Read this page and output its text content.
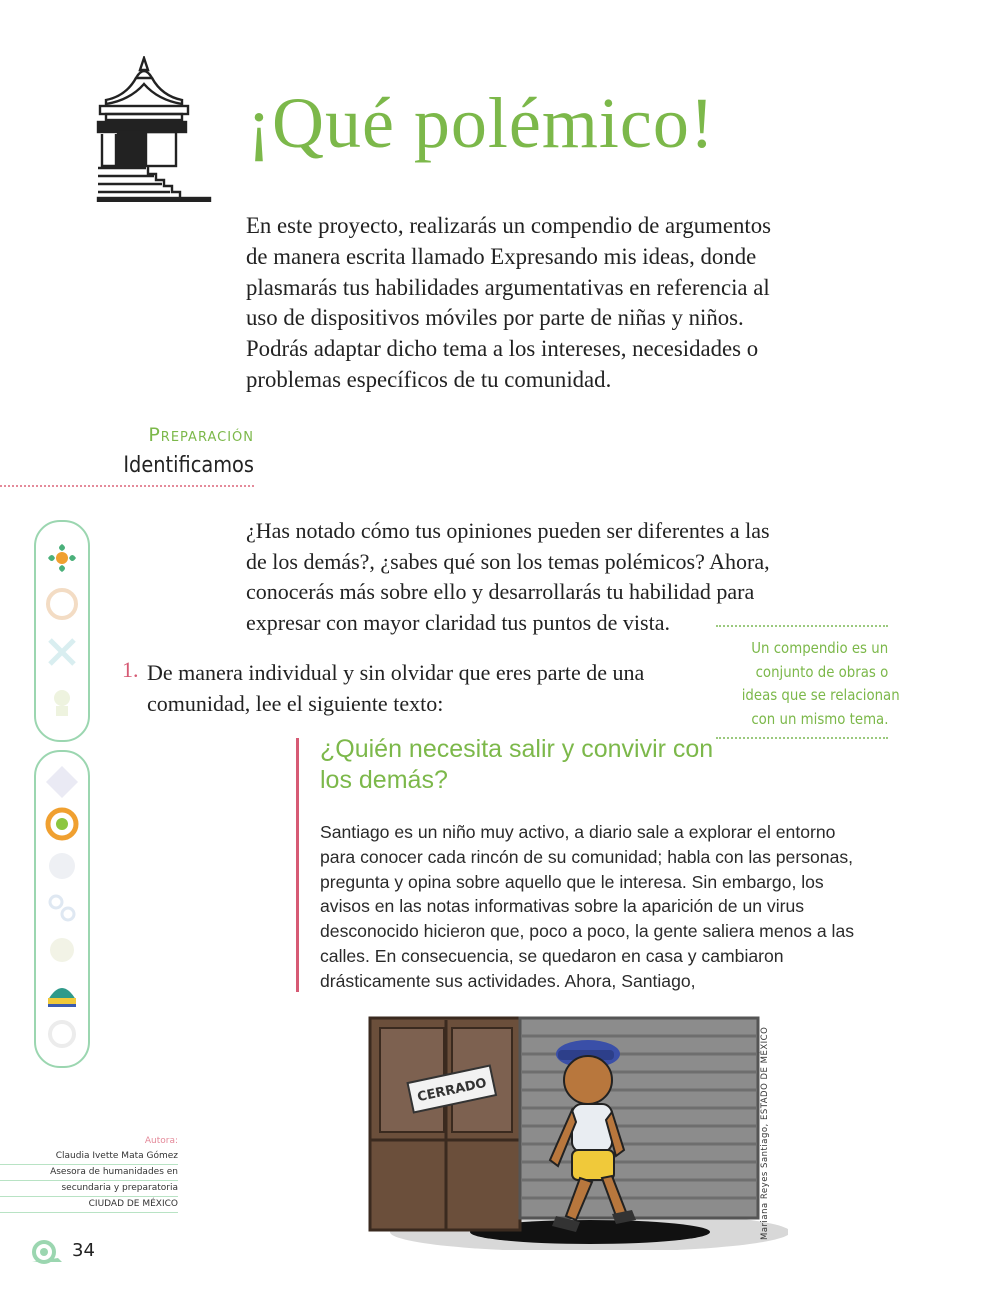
¡Qué polémico!
En este proyecto, realizarás un compendio de argumentos de manera escrita llamado Expresando mis ideas, donde plasmarás tus habilidades argumentativas en referencia al uso de dispositivos móviles por parte de niñas y niños. Podrás adaptar dicho tema a los intereses, necesidades o problemas específicos de tu comunidad.
Preparación
Identificamos
¿Has notado cómo tus opiniones pueden ser diferentes a las de los demás?, ¿sabes qué son los temas polémicos? Ahora, conocerás más sobre ello y desarrollarás tu habilidad para expresar con mayor claridad tus puntos de vista.
1. De manera individual y sin olvidar que eres parte de una comunidad, lee el siguiente texto:
Un compendio es un
conjunto de obras o
ideas que se relacionan
con un mismo tema.
¿Quién necesita salir y convivir con los demás?
Santiago es un niño muy activo, a diario sale a explorar el entorno para conocer cada rincón de su comunidad; habla con las personas, pregunta y opina sobre aquello que le interesa. Sin embargo, los avisos en las notas informativas sobre la aparición de un virus desconocido hicieron que, poco a poco, la gente saliera menos a las calles. En consecuencia, se quedaron en casa y cambiaron drásticamente sus actividades. Ahora, Santiago,
CERRADO	Mariana Reyes Santiago, ESTADO DE MÉXICO
Autora:
Claudia Ivette Mata Gómez
Asesora de humanidades en
secundaria y preparatoria
CIUDAD DE MÉXICO
34
